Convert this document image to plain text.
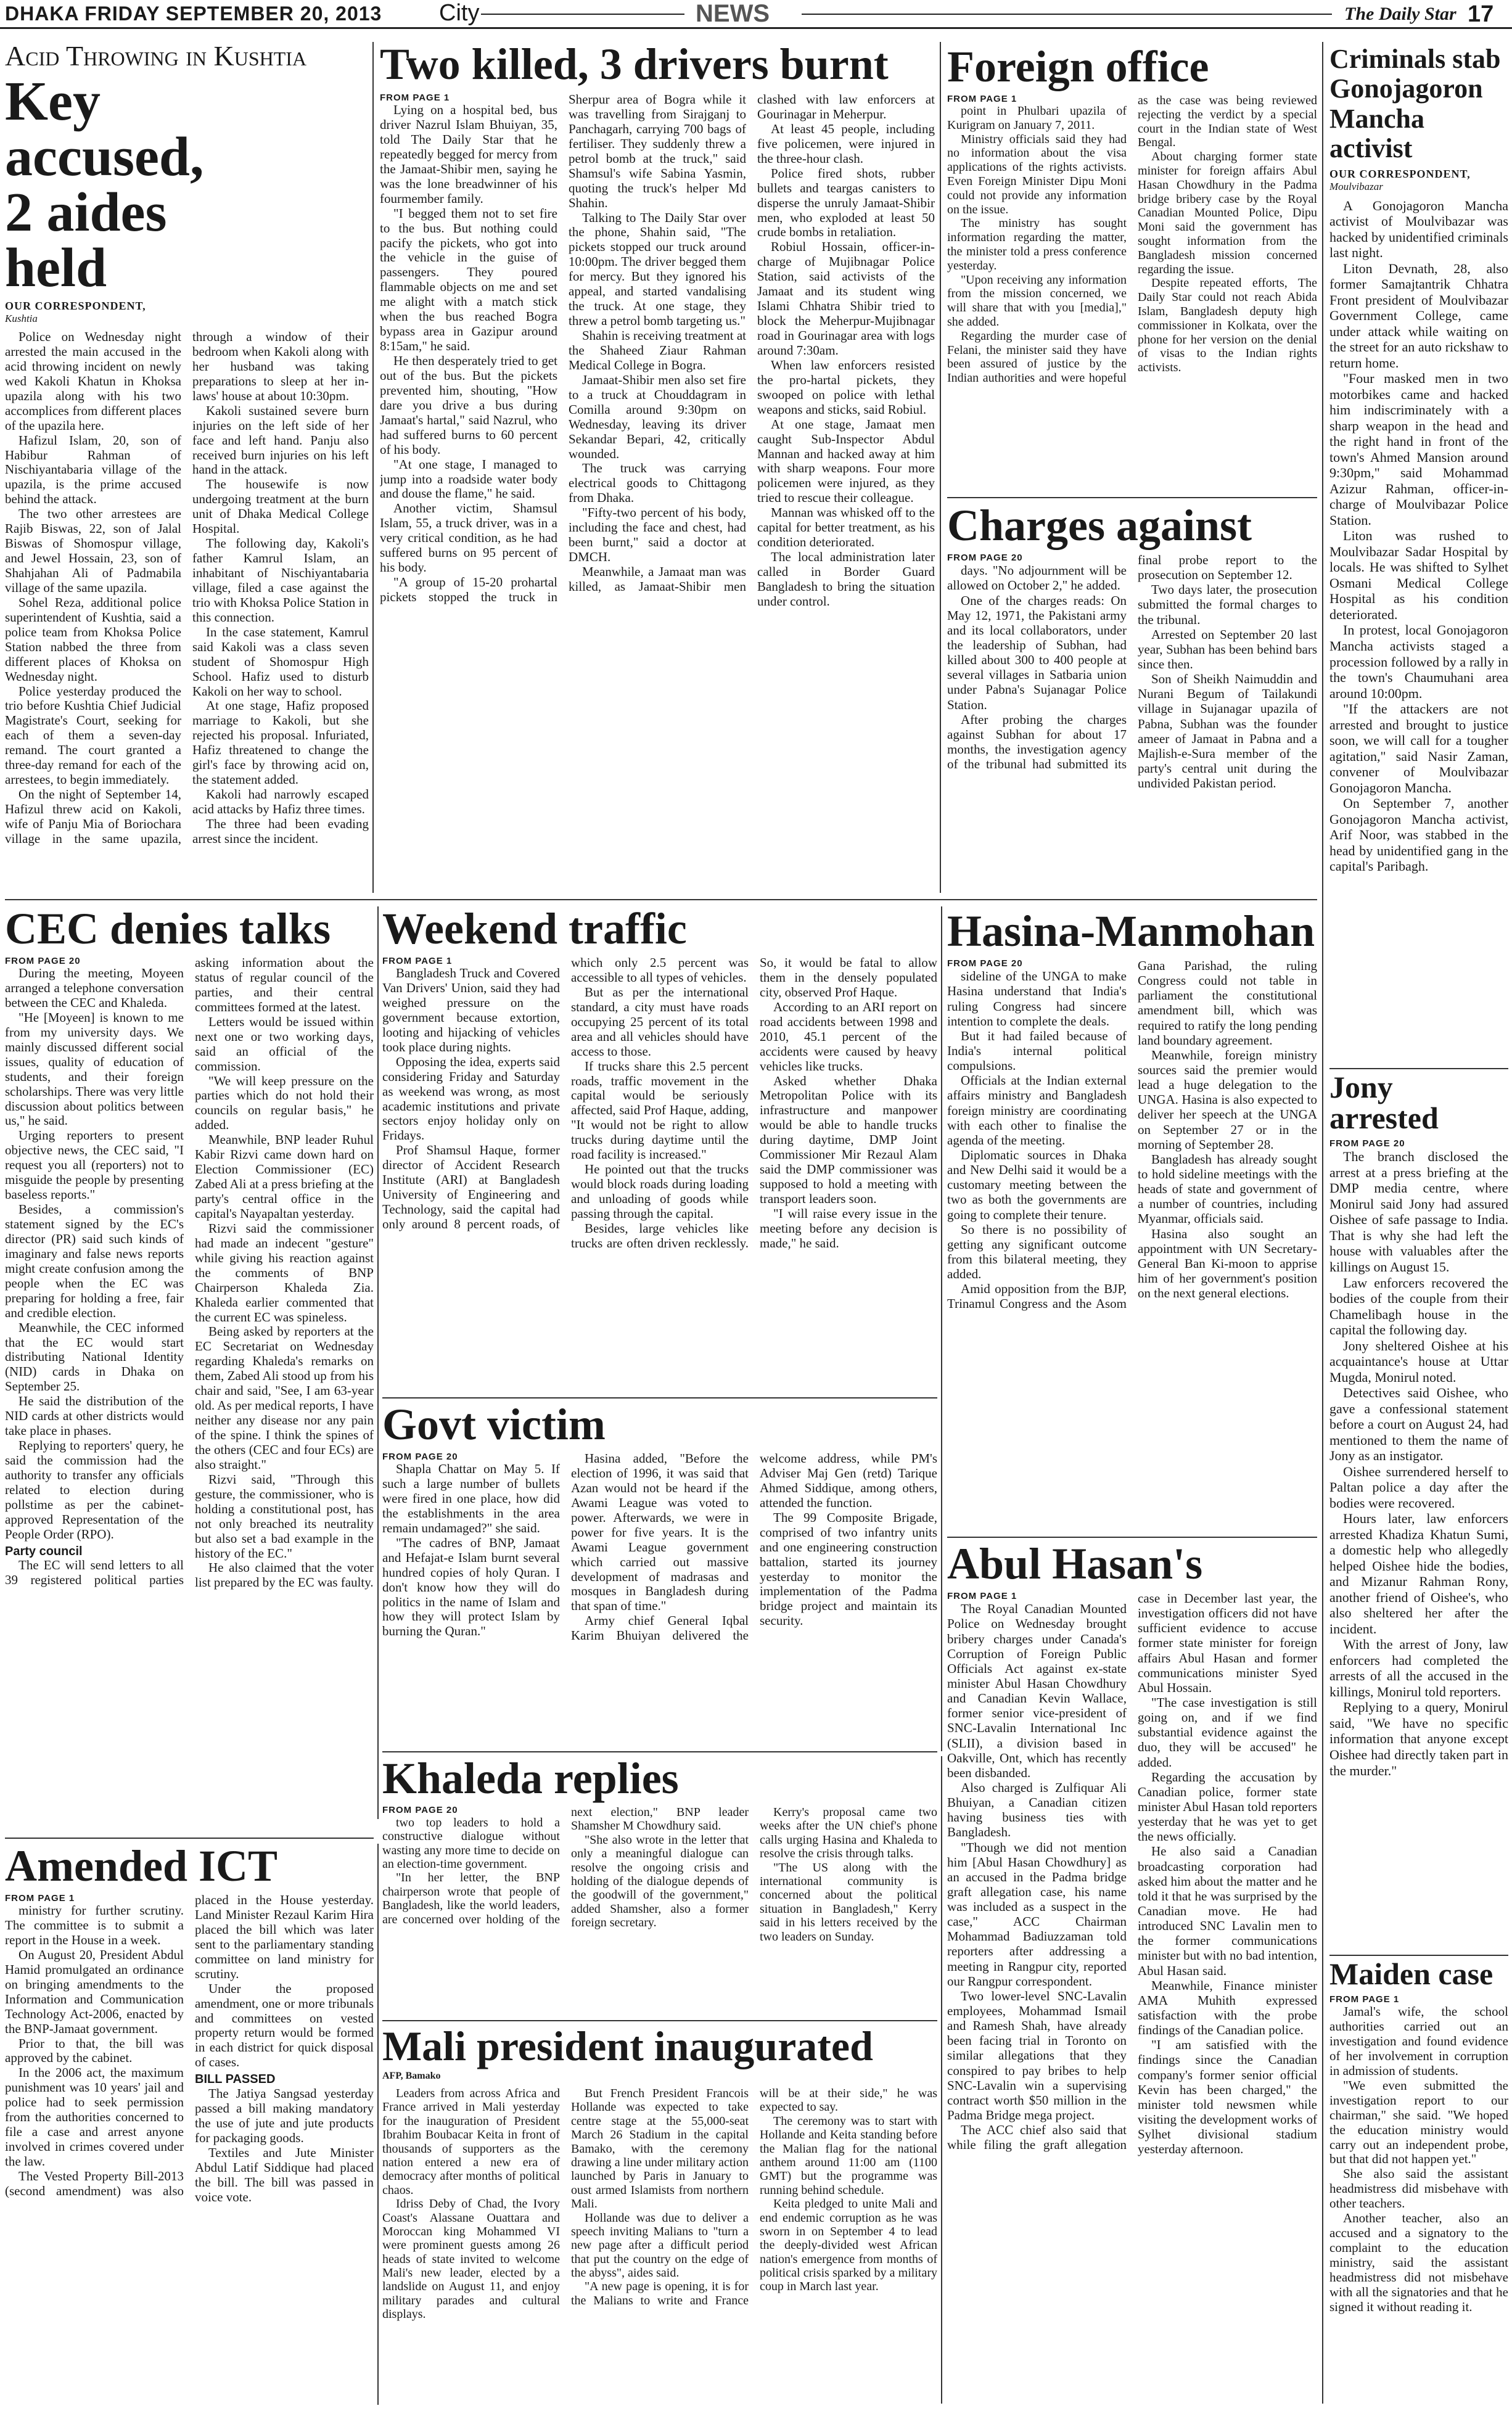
DHAKA FRIDAY SEPTEMBER 20, 2013 City	NEWS	The Daily Star 17
Acid Throwing in Kushtia
Key accused, 2 aides held
OUR CORRESPONDENT,
Kushtia

Police on Wednesday night arrested the main accused in the acid throwing incident on newly wed Kakoli Khatun in Khoksa upazila along with his two accomplices from different places of the upazila here.

Hafizul Islam, 20, son of Habibur Rahman of Nischiyantabaria village of the upazila, is the prime accused behind the attack.

The two other arrestees are Rajib Biswas, 22, son of Jalal Biswas of Shomospur village, and Jewel Hossain, 23, son of Shahjahan Ali of Padmabila village of the same upazila.

Sohel Reza, additional police superintendent of Kushtia, said a police team from Khoksa Police Station nabbed the three from different places of Khoksa on Wednesday night.

Police yesterday produced the trio before Kushtia Chief Judicial Magistrate's Court, seeking for each of them a seven-day remand. The court granted a three-day remand for each of the arrestees, to begin immediately.

On the night of September 14, Hafizul threw acid on Kakoli, wife of Panju Mia of Boriochara village in the same upazila, through a window of their bedroom when Kakoli along with her husband was taking preparations to sleep at her in-laws' house at about 10:30pm.

Kakoli sustained severe burn injuries on the left side of her face and left hand. Panju also received burn injuries on his left hand in the attack.

The housewife is now undergoing treatment at the burn unit of Dhaka Medical College Hospital.

The following day, Kakoli's father Kamrul Islam, an inhabitant of Nischiyantabaria village, filed a case against the trio with Khoksa Police Station in this connection.

In the case statement, Kamrul said Kakoli was a class seven student of Shomospur High School. Hafiz used to disturb Kakoli on her way to school.

At one stage, Hafiz proposed marriage to Kakoli, but she rejected his proposal. Infuriated, Hafiz threatened to change the girl's face by throwing acid on, the statement added.

Kakoli had narrowly escaped acid attacks by Hafiz three times.

The three had been evading arrest since the incident.

Two killed, 3 drivers burnt

FROM PAGE 1

Lying on a hospital bed, bus driver Nazrul Islam Bhuiyan, 35, told The Daily Star that he repeatedly begged for mercy from the Jamaat-Shibir men, saying he was the lone breadwinner of his fourmember family.

"I begged them not to set fire to the bus. But nothing could pacify the pickets, who got into the vehicle in the guise of passengers. They poured flammable objects on me and set me alight with a match stick when the bus reached Bogra bypass area in Gazipur around 8:15am," he said.

He then desperately tried to get out of the bus. But the pickets prevented him, shouting, "How dare you drive a bus during Jamaat's hartal," said Nazrul, who had suffered burns to 60 percent of his body.

"At one stage, I managed to jump into a roadside water body and douse the flame," he said.

Another victim, Shamsul Islam, 55, a truck driver, was in a very critical condition, as he had suffered burns on 95 percent of his body.

"A group of 15-20 prohartal pickets stopped the truck in Sherpur area of Bogra while it was travelling from Sirajganj to Panchagarh, carrying 700 bags of fertiliser. They suddenly threw a petrol bomb at the truck," said Shamsul's wife Sabina Yasmin, quoting the truck's helper Md Shahin.

Talking to The Daily Star over the phone, Shahin said, "The pickets stopped our truck around 10:00pm. The driver begged them for mercy. But they ignored his appeal, and started vandalising the truck. At one stage, they threw a petrol bomb targeting us."

Shahin is receiving treatment at the Shaheed Ziaur Rahman Medical College in Bogra.

Jamaat-Shibir men also set fire to a truck at Chouddagram in Comilla around 9:30pm on Wednesday, leaving its driver Sekandar Bepari, 42, critically wounded.

The truck was carrying electrical goods to Chittagong from Dhaka.

"Fifty-two percent of his body, including the face and chest, had been burnt," said a doctor at DMCH.

Meanwhile, a Jamaat man was killed, as Jamaat-Shibir men clashed with law enforcers at Gourinagar in Meherpur.

At least 45 people, including five policemen, were injured in the three-hour clash.

Police fired shots, rubber bullets and teargas canisters to disperse the unruly Jamaat-Shibir men, who exploded at least 50 crude bombs in retaliation.

Robiul Hossain, officer-in-charge of Mujibnagar Police Station, said activists of the Jamaat and its student wing Islami Chhatra Shibir tried to block the Meherpur-Mujibnagar road in Gourinagar area with logs around 7:30am.

When law enforcers resisted the pro-hartal pickets, they swooped on police with lethal weapons and sticks, said Robiul.

At one stage, Jamaat men caught Sub-Inspector Abdul Mannan and hacked away at him with sharp weapons. Four more policemen were injured, as they tried to rescue their colleague.

Mannan was whisked off to the capital for better treatment, as his condition deteriorated.

The local administration later called in Border Guard Bangladesh to bring the situation under control.

Foreign office

FROM PAGE 1

point in Phulbari upazila of Kurigram on January 7, 2011.

Ministry officials said they had no information about the visa applications of the rights activists. Even Foreign Minister Dipu Moni could not provide any information on the issue.

The ministry has sought information regarding the matter, the minister told a press conference yesterday.

"Upon receiving any information from the mission concerned, we will share that with you [media]," she added.

Regarding the murder case of Felani, the minister said they have been assured of justice by the Indian authorities and were hopeful as the case was being reviewed rejecting the verdict by a special court in the Indian state of West Bengal.

About charging former state minister for foreign affairs Abul Hasan Chowdhury in the Padma bridge bribery case by the Royal Canadian Mounted Police, Dipu Moni said the government has sought information from the Bangladesh mission concerned regarding the issue.

Despite repeated efforts, The Daily Star could not reach Abida Islam, Bangladesh deputy high commissioner in Kolkata, over the phone for her version on the denial of visas to the Indian rights activists.

Charges against

FROM PAGE 20

days. "No adjournment will be allowed on October 2," he added.

One of the charges reads: On May 12, 1971, the Pakistani army and its local collaborators, under the leadership of Subhan, had killed about 300 to 400 people at several villages in Satbaria union under Pabna's Sujanagar Police Station.

After probing the charges against Subhan for about 17 months, the investigation agency of the tribunal had submitted its final probe report to the prosecution on September 12.

Two days later, the prosecution submitted the formal charges to the tribunal.

Arrested on September 20 last year, Subhan has been behind bars since then.

Son of Sheikh Naimuddin and Nurani Begum of Tailakundi village in Sujanagar upazila of Pabna, Subhan was the founder ameer of Jamaat in Pabna and a Majlish-e-Sura member of the party's central unit during the undivided Pakistan period.

Criminals stab Gonojagoron Mancha activist
OUR CORRESPONDENT,
Moulvibazar

A Gonojagoron Mancha activist of Moulvibazar was hacked by unidentified criminals last night.

Liton Devnath, 28, also former Samajtantrik Chhatra Front president of Moulvibazar Government College, came under attack while waiting on the street for an auto rickshaw to return home.

"Four masked men in two motorbikes came and hacked him indiscriminately with a sharp weapon in the head and the right hand in front of the town's Ahmed Mansion around 9:30pm," said Mohammad Azizur Rahman, officer-in-charge of Moulvibazar Police Station.

Liton was rushed to Moulvibazar Sadar Hospital by locals. He was shifted to Sylhet Osmani Medical College Hospital as his condition deteriorated.

In protest, local Gonojagoron Mancha activists staged a procession followed by a rally in the town's Chaumuhani area around 10:00pm.

"If the attackers are not arrested and brought to justice soon, we will call for a tougher agitation," said Nasir Zaman, convener of Moulvibazar Gonojagoron Mancha.

On September 7, another Gonojagoron Mancha activist, Arif Noor, was stabbed in the head by unidentified gang in the capital's Paribagh.

CEC denies talks

FROM PAGE 20

During the meeting, Moyeen arranged a telephone conversation between the CEC and Khaleda.

"He [Moyeen] is known to me from my university days. We mainly discussed different social issues, quality of education of students, and their foreign scholarships. There was very little discussion about politics between us," he said.

Urging reporters to present objective news, the CEC said, "I request you all (reporters) not to misguide the people by presenting baseless reports."

Besides, a commission's statement signed by the EC's director (PR) said such kinds of imaginary and false news reports might create confusion among the people when the EC was preparing for holding a free, fair and credible election.

Meanwhile, the CEC informed that the EC would start distributing National Identity (NID) cards in Dhaka on September 25.

He said the distribution of the NID cards at other districts would take place in phases.

Replying to reporters' query, he said the commission had the authority to transfer any officials related to election during pollstime as per the cabinet-approved Representation of the People Order (RPO).

Party council

The EC will send letters to all 39 registered political parties asking information about the status of regular council of the parties, and their central committees formed at the latest.

Letters would be issued within next one or two working days, said an official of the commission.

"We will keep pressure on the parties which do not hold their councils on regular basis," he added.

Meanwhile, BNP leader Ruhul Kabir Rizvi came down hard on Election Commissioner (EC) Zabed Ali at a press briefing at the party's central office in the capital's Nayapaltan yesterday.

Rizvi said the commissioner had made an indecent "gesture" while giving his reaction against the comments of BNP Chairperson Khaleda Zia. Khaleda earlier commented that the current EC was spineless.

Being asked by reporters at the EC Secretariat on Wednesday regarding Khaleda's remarks on them, Zabed Ali stood up from his chair and said, "See, I am 63-year old. As per medical reports, I have neither any disease nor any pain of the spine. I think the spines of the others (CEC and four ECs) are also straight."

Rizvi said, "Through this gesture, the commissioner, who is holding a constitutional post, has not only breached its neutrality but also set a bad example in the history of the EC."

He also claimed that the voter list prepared by the EC was faulty.

Weekend traffic

FROM PAGE 1

Bangladesh Truck and Covered Van Drivers' Union, said they had weighed pressure on the government because extortion, looting and hijacking of vehicles took place during nights.

Opposing the idea, experts said considering Friday and Saturday as weekend was wrong, as most academic institutions and private sectors enjoy holiday only on Fridays.

Prof Shamsul Haque, former director of Accident Research Institute (ARI) at Bangladesh University of Engineering and Technology, said the capital had only around 8 percent roads, of which only 2.5 percent was accessible to all types of vehicles.

But as per the international standard, a city must have roads occupying 25 percent of its total area and all vehicles should have access to those.

If trucks share this 2.5 percent roads, traffic movement in the capital would be seriously affected, said Prof Haque, adding, "It would not be right to allow trucks during daytime until the road facility is increased."

He pointed out that the trucks would block roads during loading and unloading of goods while passing through the capital.

Besides, large vehicles like trucks are often driven recklessly. So, it would be fatal to allow them in the densely populated city, observed Prof Haque.

According to an ARI report on road accidents between 1998 and 2010, 45.1 percent of the accidents were caused by heavy vehicles like trucks.

Asked whether Dhaka Metropolitan Police with its infrastructure and manpower would be able to handle trucks during daytime, DMP Joint Commissioner Mir Rezaul Alam said the DMP commissioner was supposed to hold a meeting with transport leaders soon.

"I will raise every issue in the meeting before any decision is made," he said.

Hasina-Manmohan

FROM PAGE 20

sideline of the UNGA to make Hasina understand that India's ruling Congress had sincere intention to complete the deals.

But it had failed because of India's internal political compulsions.

Officials at the Indian external affairs ministry and Bangladesh foreign ministry are coordinating with each other to finalise the agenda of the meeting.

Diplomatic sources in Dhaka and New Delhi said it would be a customary meeting between the two as both the governments are going to complete their tenure.

So there is no possibility of getting any significant outcome from this bilateral meeting, they added.

Amid opposition from the BJP, Trinamul Congress and the Asom Gana Parishad, the ruling Congress could not table in parliament the constitutional amendment bill, which was required to ratify the long pending land boundary agreement.

Meanwhile, foreign ministry sources said the premier would lead a huge delegation to the UNGA. Hasina is also expected to deliver her speech at the UNGA on September 27 or in the morning of September 28.

Bangladesh has already sought to hold sideline meetings with the heads of state and government of a number of countries, including Myanmar, officials said.

Hasina also sought an appointment with UN Secretary-General Ban Ki-moon to apprise him of her government's position on the next general elections.

Jony arrested

FROM PAGE 20

The branch disclosed the arrest at a press briefing at the DMP media centre, where Monirul said Jony had assured Oishee of safe passage to India. That is why she had left the house with valuables after the killings on August 15.

Law enforcers recovered the bodies of the couple from their Chamelibagh house in the capital the following day.

Jony sheltered Oishee at his acquaintance's house at Uttar Mugda, Monirul noted.

Detectives said Oishee, who gave a confessional statement before a court on August 24, had mentioned to them the name of Jony as an instigator.

Oishee surrendered herself to Paltan police a day after the bodies were recovered.

Hours later, law enforcers arrested Khadiza Khatun Sumi, a domestic help who allegedly helped Oishee hide the bodies, and Mizanur Rahman Rony, another friend of Oishee's, who also sheltered her after the incident.

With the arrest of Jony, law enforcers had completed the arrests of all the accused in the killings, Monirul told reporters.

Replying to a query, Monirul said, "We have no specific information that anyone except Oishee had directly taken part in the murder."

Govt victim

FROM PAGE 20

Shapla Chattar on May 5. If such a large number of bullets were fired in one place, how did the establishments in the area remain undamaged?" she said.

"The cadres of BNP, Jamaat and Hefajat-e Islam burnt several hundred copies of holy Quran. I don't know how they will do politics in the name of Islam and how they will protect Islam by burning the Quran."

Hasina added, "Before the election of 1996, it was said that Azan would not be heard if the Awami League was voted to power. Afterwards, we were in power for five years. It is the Awami League government which carried out massive development of madrasas and mosques in Bangladesh during that span of time."

Army chief General Iqbal Karim Bhuiyan delivered the welcome address, while PM's Adviser Maj Gen (retd) Tarique Ahmed Siddique, among others, attended the function.

The 99 Composite Brigade, comprised of two infantry units and one engineering construction battalion, started its journey yesterday to monitor the implementation of the Padma bridge project and maintain its security.

Abul Hasan's

FROM PAGE 1

The Royal Canadian Mounted Police on Wednesday brought bribery charges under Canada's Corruption of Foreign Public Officials Act against ex-state minister Abul Hasan Chowdhury and Canadian Kevin Wallace, former senior vice-president of SNC-Lavalin International Inc (SLII), a division based in Oakville, Ont, which has recently been disbanded.

Also charged is Zulfiquar Ali Bhuiyan, a Canadian citizen having business ties with Bangladesh.

"Though we did not mention him [Abul Hasan Chowdhury] as an accused in the Padma bridge graft allegation case, his name was included as a suspect in the case," ACC Chairman Mohammad Badiuzzaman told reporters after addressing a meeting in Rangpur city, reported our Rangpur correspondent.

Two lower-level SNC-Lavalin employees, Mohammad Ismail and Ramesh Shah, have already been facing trial in Toronto on similar allegations that they conspired to pay bribes to help SNC-Lavalin win a supervising contract worth $50 million in the Padma Bridge mega project.

The ACC chief also said that while filing the graft allegation case in December last year, the investigation officers did not have sufficient evidence to accuse former state minister for foreign affairs Abul Hasan and former communications minister Syed Abul Hossain.

"The case investigation is still going on, and if we find substantial evidence against the duo, they will be accused" he added.

Regarding the accusation by Canadian police, former state minister Abul Hasan told reporters yesterday that he was yet to get the news officially.

He also said a Canadian broadcasting corporation had asked him about the matter and he told it that he was surprised by the Canadian move. He had introduced SNC Lavalin men to the former communications minister but with no bad intention, Abul Hasan said.

Meanwhile, Finance minister AMA Muhith expressed satisfaction with the probe findings of the Canadian police.

"I am satisfied with the findings since the Canadian company's former senior official Kevin has been charged," the minister told newsmen while visiting the development works of Sylhet divisional stadium yesterday afternoon.

Maiden case

FROM PAGE 1

Jamal's wife, the school authorities carried out an investigation and found evidence of her involvement in corruption in admission of students.

"We even submitted the investigation report to our chairman," she said. "We hoped the education ministry would carry out an independent probe, but that did not happen yet."

She also said the assistant headmistress did misbehave with other teachers.

Another teacher, also an accused and a signatory to the complaint to the education ministry, said the assistant headmistress did not misbehave with all the signatories and that he signed it without reading it.

Khaleda replies

FROM PAGE 20

two top leaders to hold a constructive dialogue without wasting any more time to decide on an election-time government.

"In her letter, the BNP chairperson wrote that people of Bangladesh, like the world leaders, are concerned over holding of the next election," BNP leader Shamsher M Chowdhury said.

"She also wrote in the letter that only a meaningful dialogue can resolve the ongoing crisis and holding of the dialogue depends of the goodwill of the government," added Shamsher, also a former foreign secretary.

Kerry's proposal came two weeks after the UN chief's phone calls urging Hasina and Khaleda to resolve the crisis through talks.

"The US along with the international community is concerned about the political situation in Bangladesh," Kerry said in his letters received by the two leaders on Sunday.

Amended ICT

FROM PAGE 1

ministry for further scrutiny. The committee is to submit a report in the House in a week.

On August 20, President Abdul Hamid promulgated an ordinance on bringing amendments to the Information and Communication Technology Act-2006, enacted by the BNP-Jamaat government.

Prior to that, the bill was approved by the cabinet.

In the 2006 act, the maximum punishment was 10 years' jail and police had to seek permission from the authorities concerned to file a case and arrest anyone involved in crimes covered under the law.

The Vested Property Bill-2013 (second amendment) was also placed in the House yesterday. Land Minister Rezaul Karim Hira placed the bill which was later sent to the parliamentary standing committee on land ministry for scrutiny.

Under the proposed amendment, one or more tribunals and committees on vested property return would be formed in each district for quick disposal of cases.

BILL PASSED

The Jatiya Sangsad yesterday passed a bill making mandatory the use of jute and jute products for packaging goods.

Textiles and Jute Minister Abdul Latif Siddique had placed the bill. The bill was passed in voice vote.

Mali president inaugurated
AFP, Bamako

Leaders from across Africa and France arrived in Mali yesterday for the inauguration of President Ibrahim Boubacar Keita in front of thousands of supporters as the nation entered a new era of democracy after months of political chaos.

Idriss Deby of Chad, the Ivory Coast's Alassane Ouattara and Moroccan king Mohammed VI were prominent guests among 26 heads of state invited to welcome Mali's new leader, elected by a landslide on August 11, and enjoy military parades and cultural displays.

But French President Francois Hollande was expected to take centre stage at the 55,000-seat March 26 Stadium in the capital Bamako, with the ceremony drawing a line under military action launched by Paris in January to oust armed Islamists from northern Mali.

Hollande was due to deliver a speech inviting Malians to "turn a new page after a difficult period that put the country on the edge of the abyss", aides said.

"A new page is opening, it is for the Malians to write and France will be at their side," he was expected to say.

The ceremony was to start with Hollande and Keita standing before the Malian flag for the national anthem around 11:00 am (1100 GMT) but the programme was running behind schedule.

Keita pledged to unite Mali and end endemic corruption as he was sworn in on September 4 to lead the deeply-divided west African nation's emergence from months of political crisis sparked by a military coup in March last year.
